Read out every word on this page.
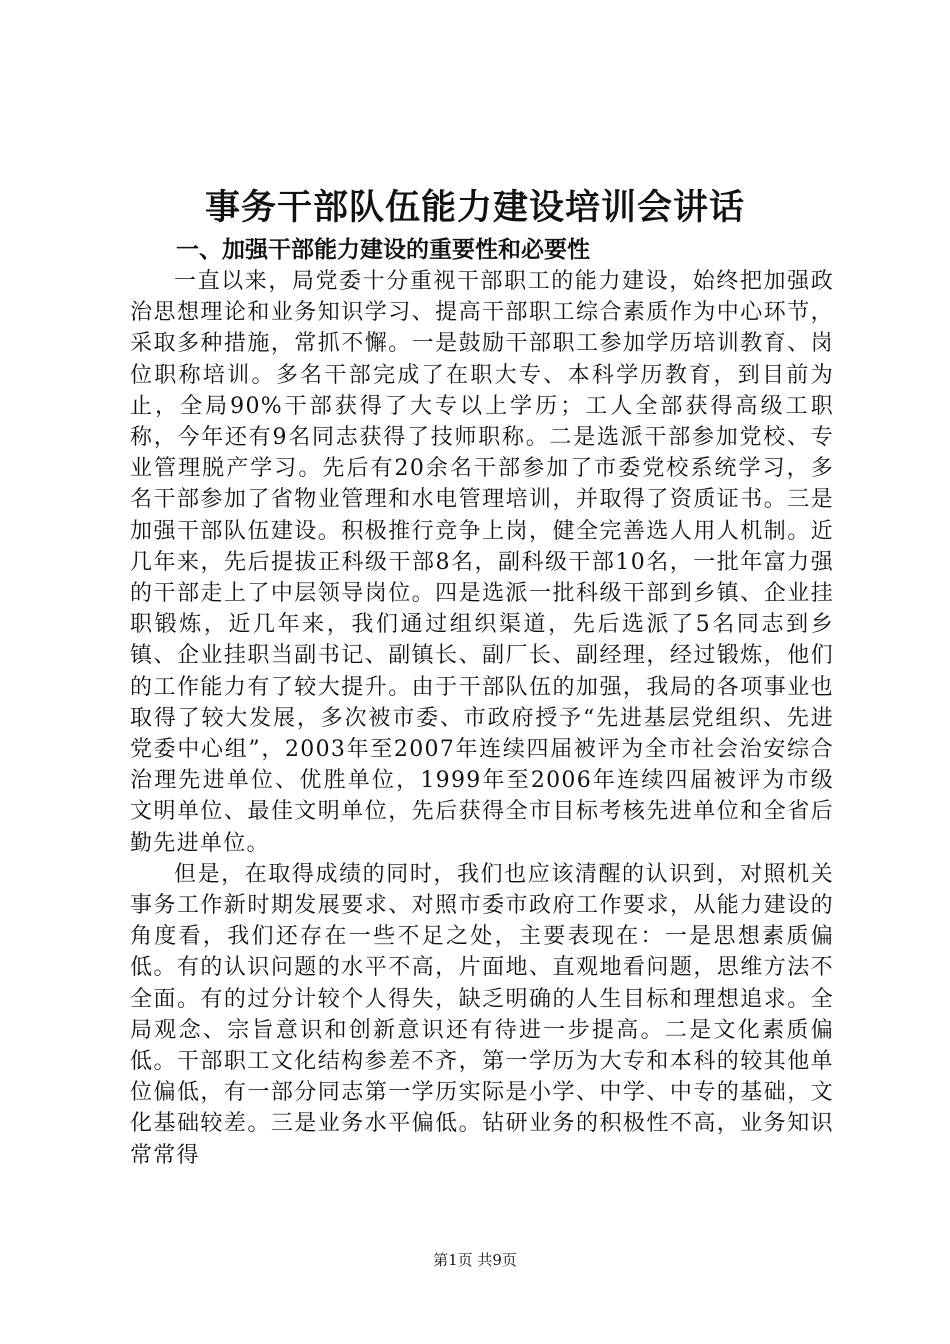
事务干部队伍能力建设培训会讲话
一、加强干部能力建设的重要性和必要性

一直以来，局党委十分重视干部职工的能力建设，始终把加强政治思想理论和业务知识学习、提高干部职工综合素质作为中心环节，采取多种措施，常抓不懈。一是鼓励干部职工参加学历培训教育、岗位职称培训。多名干部完成了在职大专、本科学历教育，到目前为止，全局90%干部获得了大专以上学历；工人全部获得高级工职称，今年还有9名同志获得了技师职称。二是选派干部参加党校、专业管理脱产学习。先后有20余名干部参加了市委党校系统学习，多名干部参加了省物业管理和水电管理培训，并取得了资质证书。三是加强干部队伍建设。积极推行竞争上岗，健全完善选人用人机制。近几年来，先后提拔正科级干部8名，副科级干部10名，一批年富力强的干部走上了中层领导岗位。四是选派一批科级干部到乡镇、企业挂职锻炼，近几年来，我们通过组织渠道，先后选派了5名同志到乡镇、企业挂职当副书记、副镇长、副厂长、副经理，经过锻炼，他们的工作能力有了较大提升。由于干部队伍的加强，我局的各项事业也取得了较大发展，多次被市委、市政府授予“先进基层党组织、先进党委中心组”，2003年至2007年连续四届被评为全市社会治安综合治理先进单位、优胜单位，1999年至2006年连续四届被评为市级文明单位、最佳文明单位，先后获得全市目标考核先进单位和全省后勤先进单位。

但是，在取得成绩的同时，我们也应该清醒的认识到，对照机关事务工作新时期发展要求、对照市委市政府工作要求，从能力建设的角度看，我们还存在一些不足之处，主要表现在：一是思想素质偏低。有的认识问题的水平不高，片面地、直观地看问题，思维方法不全面。有的过分计较个人得失，缺乏明确的人生目标和理想追求。全局观念、宗旨意识和创新意识还有待进一步提高。二是文化素质偏低。干部职工文化结构参差不齐，第一学历为大专和本科的较其他单位偏低，有一部分同志第一学历实际是小学、中学、中专的基础，文化基础较差。三是业务水平偏低。钻研业务的积极性不高，业务知识常常得

第1页 共9页
